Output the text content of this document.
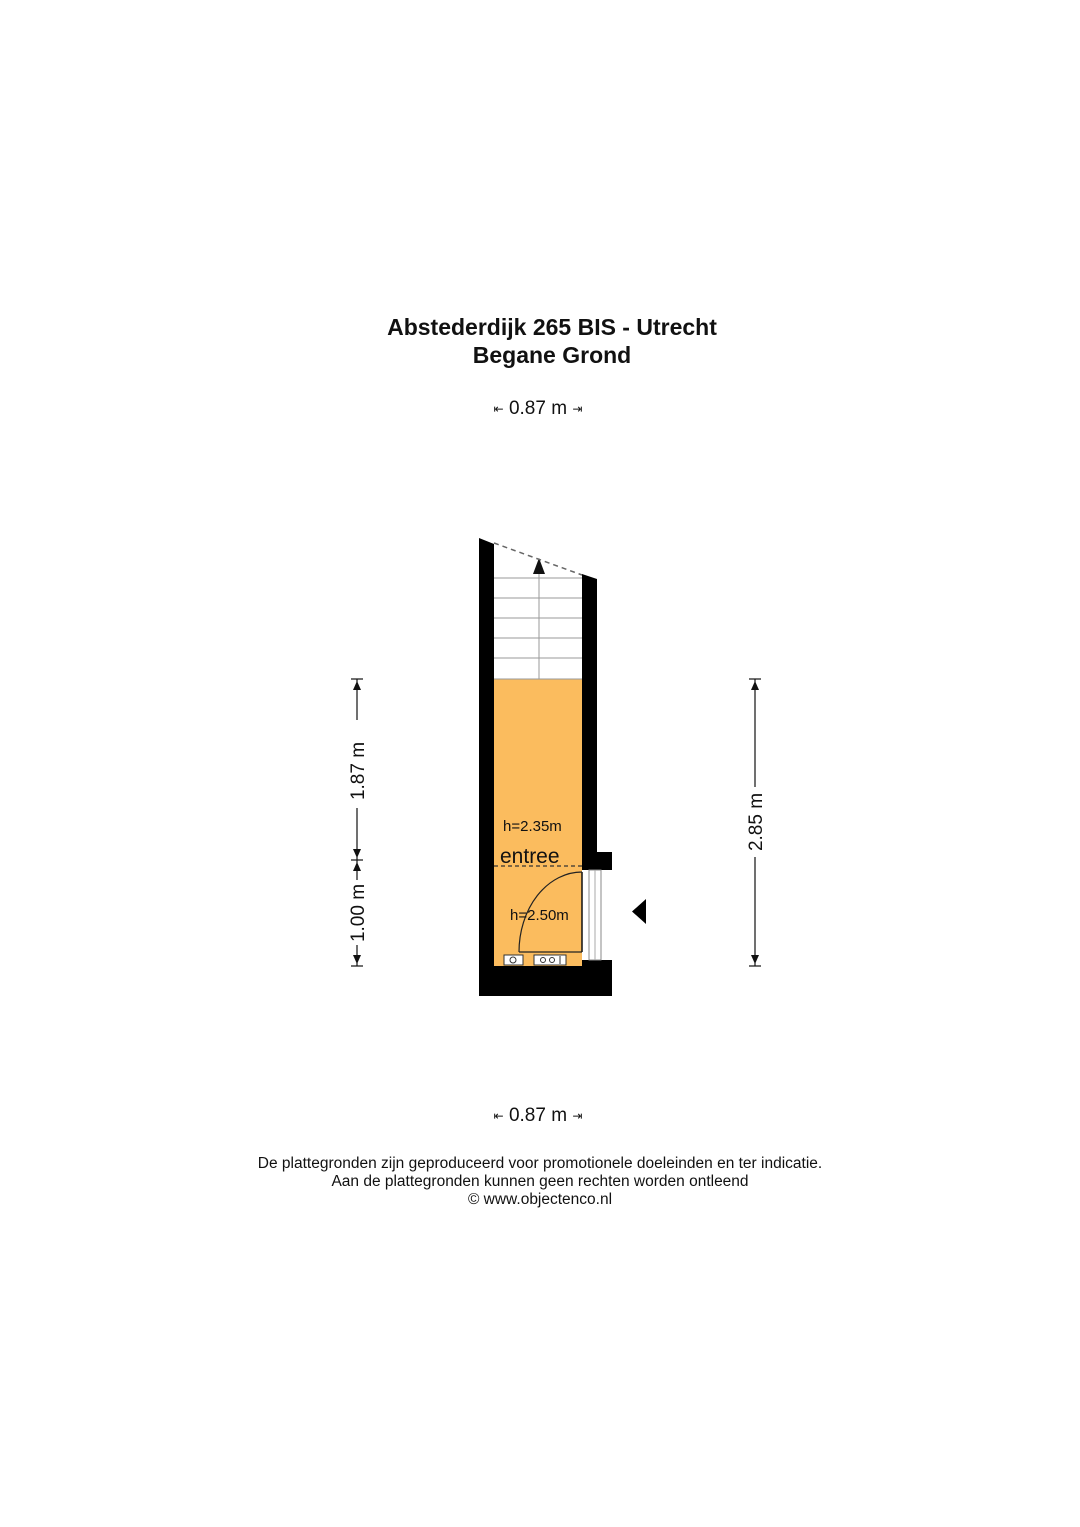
Abstederdijk 265 BIS - Utrecht
Begane Grond
⇤ 0.87 m ⇥
h=2.35m
entree
h=2.50m
1.87 m
1.00 m
2.85 m
⇤ 0.87 m ⇥
De plattegronden zijn geproduceerd voor promotionele doeleinden en ter indicatie.
Aan de plattegronden kunnen geen rechten worden ontleend
© www.objectenco.nl
